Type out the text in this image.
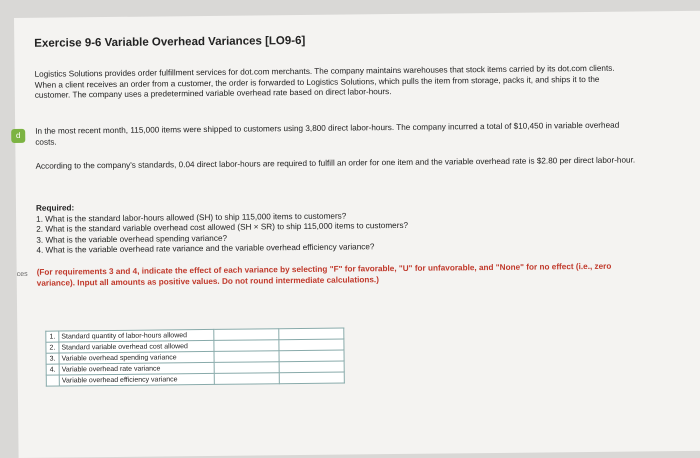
d
ces
Exercise 9-6 Variable Overhead Variances [LO9-6]
Logistics Solutions provides order fulfillment services for dot.com merchants. The company maintains warehouses that stock items carried by its dot.com clients. When a client receives an order from a customer, the order is forwarded to Logistics Solutions, which pulls the item from storage, packs it, and ships it to the customer. The company uses a predetermined variable overhead rate based on direct labor-hours.
In the most recent month, 115,000 items were shipped to customers using 3,800 direct labor-hours. The company incurred a total of $10,450 in variable overhead costs.
According to the company's standards, 0.04 direct labor-hours are required to fulfill an order for one item and the variable overhead rate is $2.80 per direct labor-hour.
Required:
1. What is the standard labor-hours allowed (SH) to ship 115,000 items to customers?
2. What is the standard variable overhead cost allowed (SH × SR) to ship 115,000 items to customers?
3. What is the variable overhead spending variance?
4. What is the variable overhead rate variance and the variable overhead efficiency variance?
(For requirements 3 and 4, indicate the effect of each variance by selecting "F" for favorable, "U" for unfavorable, and "None" for no effect (i.e., zero variance). Input all amounts as positive values. Do not round intermediate calculations.)
1.	Standard quantity of labor-hours allowed		
2.	Standard variable overhead cost allowed		
3.	Variable overhead spending variance		
4.	Variable overhead rate variance		
	Variable overhead efficiency variance		
